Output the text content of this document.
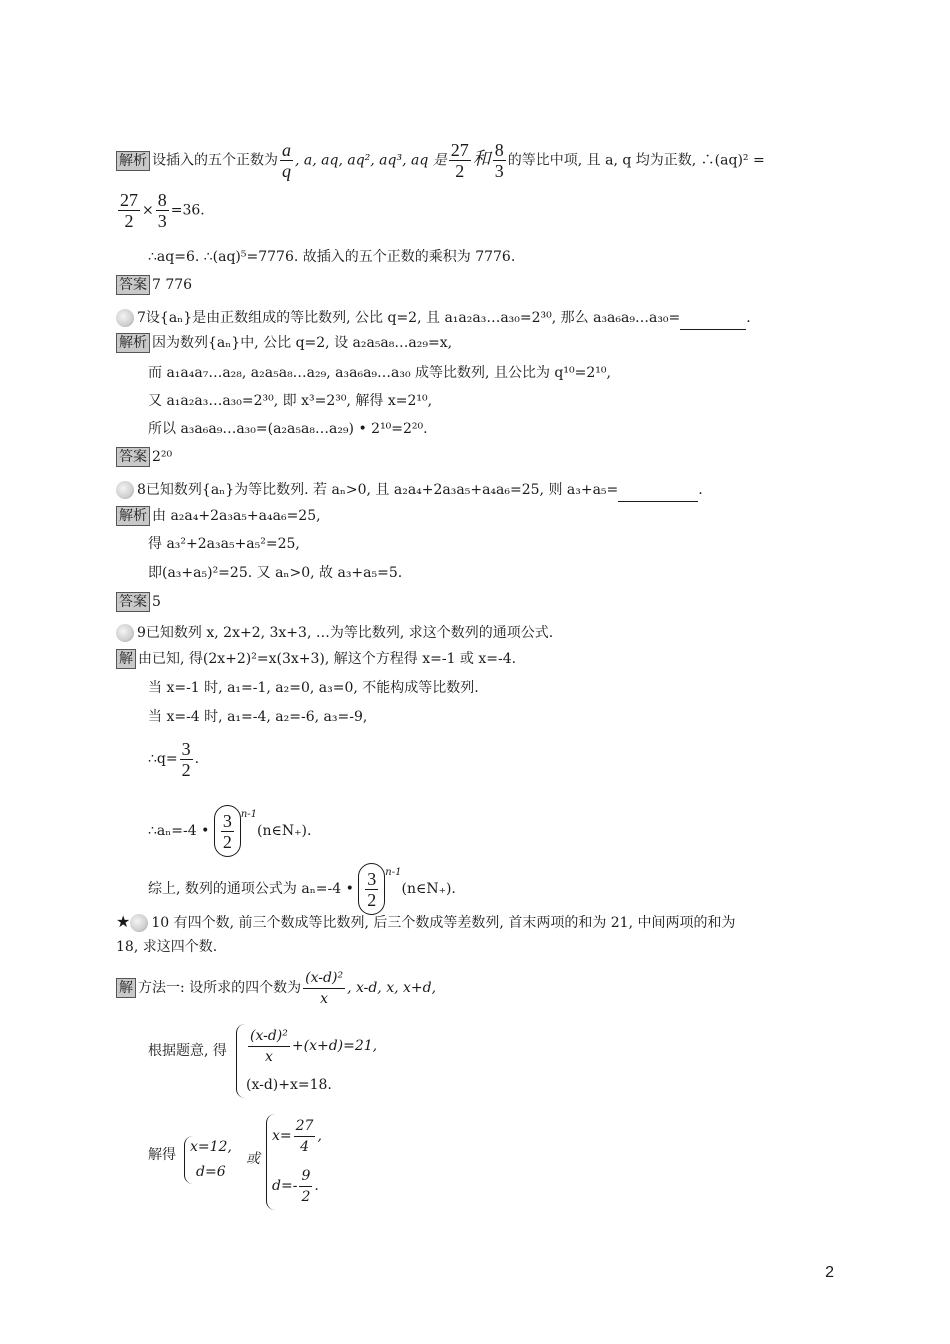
解析 设插入的五个正数为 $\frac{a}{q}$ , a, aq, aq², aq³, aq 是 $\frac{27}{2}$ 和 $\frac{8}{3}$ 的等比中项, 且 a, q 均为正数, ∴(aq)² =
$\frac{27}{2} \times \frac{8}{3} =36$.
∴aq=6. ∴(aq)⁵=7776. 故插入的五个正数的乘积为 7776.
答案 7 776
7设{aₙ}是由正数组成的等比数列, 公比 q=2, 且 a₁a₂a₃…a₃₀=2³⁰, 那么 a₃a₆a₉…a₃₀=	.
解析 因为数列{aₙ}中, 公比 q=2, 设 a₂a₅a₈…a₂₉=x,
而 a₁a₄a₇…a₂₈, a₂a₅a₈…a₂₉, a₃a₆a₉…a₃₀ 成等比数列, 且公比为 q¹⁰=2¹⁰,
又 a₁a₂a₃…a₃₀=2³⁰, 即 x³=2³⁰, 解得 x=2¹⁰,
所以 a₃a₆a₉…a₃₀=(a₂a₅a₈…a₂₉) • 2¹⁰=2²⁰.
答案 2²⁰
8已知数列{aₙ}为等比数列. 若 aₙ>0, 且 a₂a₄+2a₃a₅+a₄a₆=25, 则 a₃+a₅=	.
解析 由 a₂a₄+2a₃a₅+a₄a₆=25,
得 a₃²+2a₃a₅+a₅²=25,
即(a₃+a₅)²=25. 又 aₙ>0, 故 a₃+a₅=5.
答案 5
9已知数列 x, 2x+2, 3x+3, …为等比数列, 求这个数列的通项公式.
解 由已知, 得(2x+2)²=x(3x+3), 解这个方程得 x=-1 或 x=-4.
当 x=-1 时, a₁=-1, a₂=0, a₃=0, 不能构成等比数列.
当 x=-4 时, a₁=-4, a₂=-6, a₃=-9,
∴q= $\frac{3}{2}$ .
∴aₙ=-4 • $\frac{3}{2}$ $^{n-1}$(n∈N₊).
综上, 数列的通项公式为 aₙ=-4 • $\frac{3}{2}$ $^{n-1}$(n∈N₊).
★ 10 有四个数, 前三个数成等比数列, 后三个数成等差数列, 首末两项的和为 21, 中间两项的和为
18, 求这四个数.
解 方法一: 设所求的四个数为 $\frac{\text{(x-d)²}}{x}$ , x-d, x, x+d,
根据题意, 得 $\frac{\text{(x-d)²}}{x} +(x+d)=21$,
(x-d)+x=18.
解得 x=12,
d=6
或
$x= \frac{27}{4}$ ,
$d=- \frac{9}{2}$ .
2
